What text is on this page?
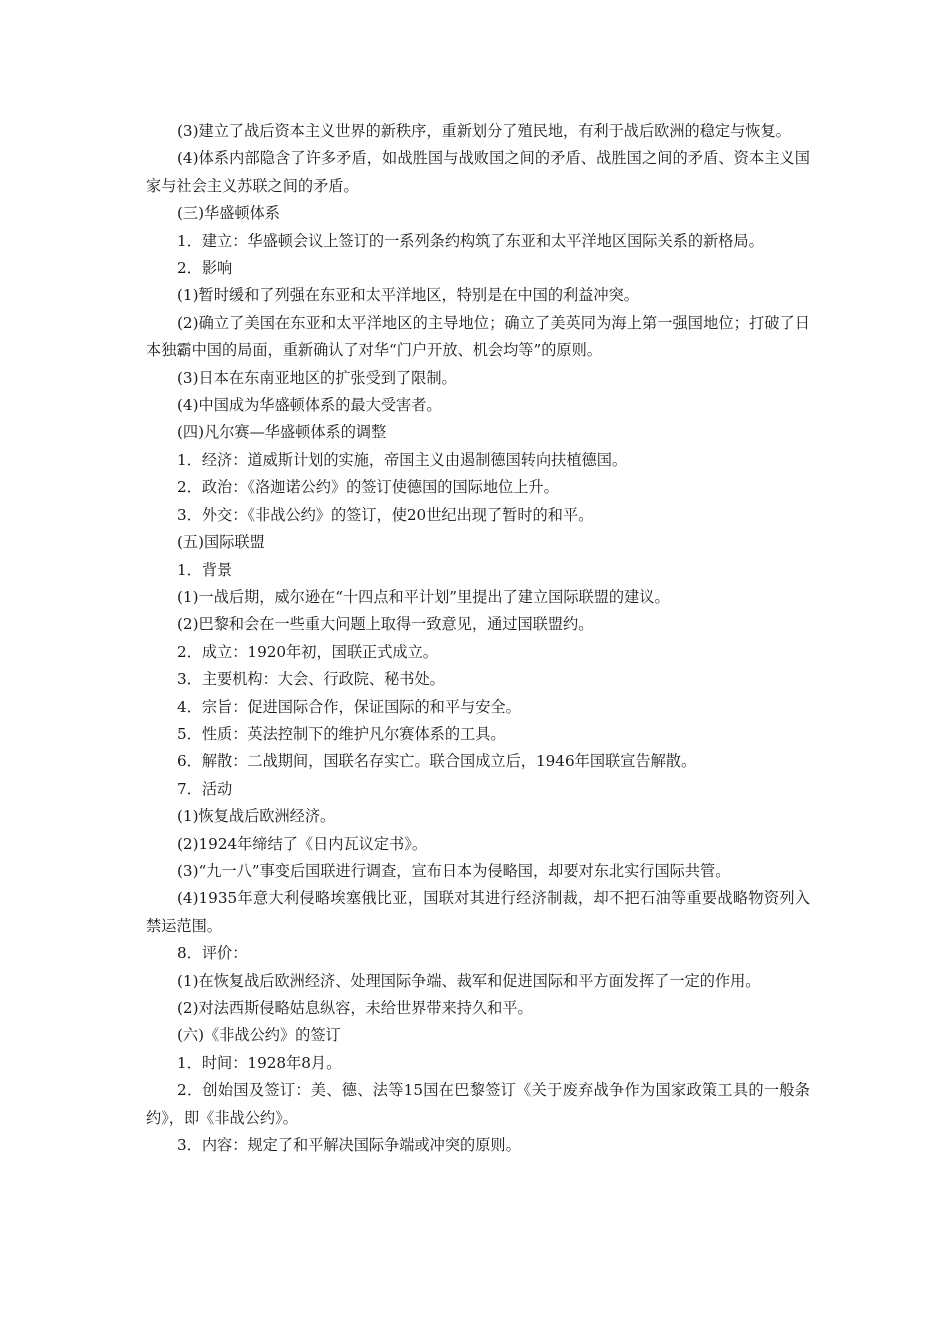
(3)建立了战后资本主义世界的新秩序，重新划分了殖民地，有利于战后欧洲的稳定与恢复。

(4)体系内部隐含了许多矛盾，如战胜国与战败国之间的矛盾、战胜国之间的矛盾、资本主义国家与社会主义苏联之间的矛盾。

(三)华盛顿体系

1．建立：华盛顿会议上签订的一系列条约构筑了东亚和太平洋地区国际关系的新格局。

2．影响

(1)暂时缓和了列强在东亚和太平洋地区，特别是在中国的利益冲突。

(2)确立了美国在东亚和太平洋地区的主导地位；确立了美英同为海上第一强国地位；打破了日本独霸中国的局面，重新确认了对华“门户开放、机会均等”的原则。

(3)日本在东南亚地区的扩张受到了限制。

(4)中国成为华盛顿体系的最大受害者。

(四)凡尔赛—华盛顿体系的调整

1．经济：道威斯计划的实施，帝国主义由遏制德国转向扶植德国。

2．政治：《洛迦诺公约》的签订使德国的国际地位上升。

3．外交：《非战公约》的签订，使20世纪出现了暂时的和平。

(五)国际联盟

1．背景

(1)一战后期，威尔逊在“十四点和平计划”里提出了建立国际联盟的建议。

(2)巴黎和会在一些重大问题上取得一致意见，通过国联盟约。

2．成立：1920年初，国联正式成立。

3．主要机构：大会、行政院、秘书处。

4．宗旨：促进国际合作，保证国际的和平与安全。

5．性质：英法控制下的维护凡尔赛体系的工具。

6．解散：二战期间，国联名存实亡。联合国成立后，1946年国联宣告解散。

7．活动

(1)恢复战后欧洲经济。

(2)1924年缔结了《日内瓦议定书》。

(3)“九一八”事变后国联进行调查，宣布日本为侵略国，却要对东北实行国际共管。

(4)1935年意大利侵略埃塞俄比亚，国联对其进行经济制裁，却不把石油等重要战略物资列入禁运范围。

8．评价：

(1)在恢复战后欧洲经济、处理国际争端、裁军和促进国际和平方面发挥了一定的作用。

(2)对法西斯侵略姑息纵容，未给世界带来持久和平。

(六)《非战公约》的签订

1．时间：1928年8月。

2．创始国及签订：美、德、法等15国在巴黎签订《关于废弃战争作为国家政策工具的一般条约》，即《非战公约》。

3．内容：规定了和平解决国际争端或冲突的原则。
